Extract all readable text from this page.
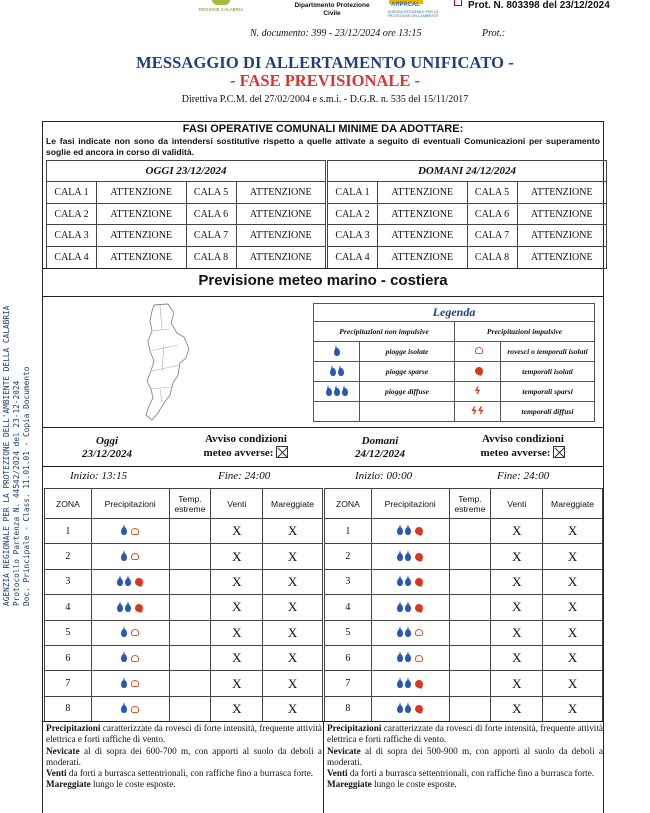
REGIONE CALABRIA
Dipartimento Protezione Civile
ARPACAL
AGENZIA REGIONALE PER LA PROTEZIONE DELL'AMBIENTE
Prot. N. 803398 del 23/12/2024
N. documento: 399 - 23/12/2024 ore 13:15	Prot.:
MESSAGGIO DI ALLERTAMENTO UNIFICATO -
- FASE PREVISIONALE -
Direttiva P.C.M. del 27/02/2004 e s.m.i. - D.G.R. n. 535 del 15/11/2017
AGENZIA REGIONALE PER LA PROTEZIONE DELL'AMBIENTE DELLA CALABRIA Protocollo Partenza N. 44542/2024 del 23-12-2024 Doc. Principale - Class. 11.01.01 - Copia Documento
FASI OPERATIVE COMUNALI MINIME DA ADOTTARE:
Le fasi indicate non sono da intendersi sostitutive rispetto a quelle attivate a seguito di eventuali Comunicazioni per superamento soglie ed ancora in corso di validità.
OGGI 23/12/2024			
CALA 1	ATTENZIONE	CALA 5	ATTENZIONE
CALA 2	ATTENZIONE	CALA 6	ATTENZIONE
CALA 3	ATTENZIONE	CALA 7	ATTENZIONE
CALA 4	ATTENZIONE	CALA 8	ATTENZIONE
DOMANI 24/12/2024			
CALA 1	ATTENZIONE	CALA 5	ATTENZIONE
CALA 2	ATTENZIONE	CALA 6	ATTENZIONE
CALA 3	ATTENZIONE	CALA 7	ATTENZIONE
CALA 4	ATTENZIONE	CALA 8	ATTENZIONE
Previsione meteo marino - costiera
Legenda			
Precipitazioni non impulsive		Precipitazioni impulsive	

	piogge isolate		rovesci o temporali isolati

	piogge sparse		temporali isolati

	piogge diffuse	ϟ	temporali sparsi
		ϟϟ	temporali diffusi
Oggi
23/12/2024
Avviso condizioni
meteo avverse:
Domani
24/12/2024
Avviso condizioni
meteo avverse:
Inizio: 13:15	Fine: 24:00	Inizio: 00:00	Fine: 24:00
ZONA	Precipitazioni	Temp. estreme	Venti	Mareggiate
1			X	X
2			X	X
3			X	X
4			X	X
5			X	X
6			X	X
7			X	X
8			X	X
ZONA	Precipitazioni	Temp. estreme	Venti	Mareggiate
1			X	X
2			X	X
3			X	X
4			X	X
5			X	X
6			X	X
7			X	X
8			X	X
Precipitazioni caratterizzate da rovesci di forte intensità, frequente attività elettrica e forti raffiche di vento.
Nevicate al di sopra dei 600-700 m, con apporti al suolo da deboli a moderati.
Venti da forti a burrasca settentrionali, con raffiche fino a burrasca forte.
Mareggiate lungo le coste esposte.
Precipitazioni caratterizzate da rovesci di forte intensità, frequente attività elettrica e forti raffiche di vento.
Nevicate al di sopra dei 500-900 m, con apporti al suolo da deboli a moderati.
Venti da forti a burrasca settentrionali, con raffiche fino a burrasca forte.
Mareggiate lungo le coste esposte.
